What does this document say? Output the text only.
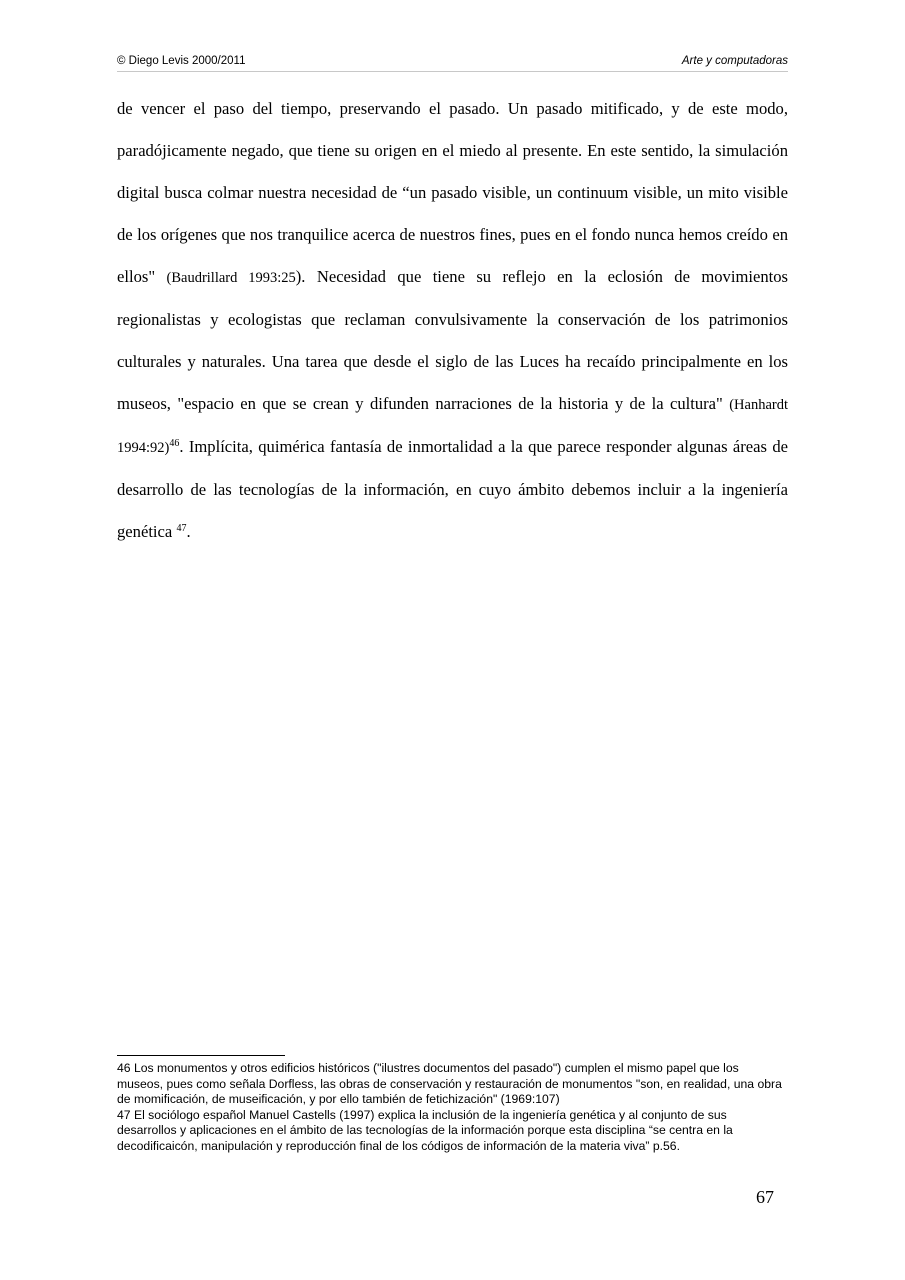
© Diego Levis 2000/2011	Arte y computadoras

de vencer el paso del tiempo, preservando el pasado. Un pasado mitificado, y de este modo, paradójicamente negado, que tiene su origen en el miedo al presente. En este sentido, la simulación digital busca colmar nuestra necesidad de “un pasado visible, un continuum visible, un mito visible de los orígenes que nos tranquilice acerca de nuestros fines, pues en el fondo nunca hemos creído en ellos" (Baudrillard 1993:25). Necesidad que tiene su reflejo en la eclosión de movimientos regionalistas y ecologistas que reclaman convulsivamente la conservación de los patrimonios culturales y naturales. Una tarea que desde el siglo de las Luces ha recaído principalmente en los museos, "espacio en que se crean y difunden narraciones de la historia y de la cultura" (Hanhardt 1994:92)$^{46}$. Implícita, quimérica fantasía de inmortalidad a la que parece responder algunas áreas de desarrollo de las tecnologías de la información, en cuyo ámbito debemos incluir a la ingeniería genética $^{47}$.

46 Los monumentos y otros edificios históricos ("ilustres documentos del pasado") cumplen el mismo papel que los museos, pues como señala Dorfless, las obras de conservación y restauración de monumentos "son, en realidad, una obra de momificación, de museificación, y por ello también de fetichización" (1969:107)

47 El sociólogo español Manuel Castells (1997) explica la inclusión de la ingeniería genética y al conjunto de sus desarrollos y aplicaciones en el ámbito de las tecnologías de la información porque esta disciplina “se centra en la decodificaicón, manipulación y reproducción final de los códigos de información de la materia viva” p.56.

67
